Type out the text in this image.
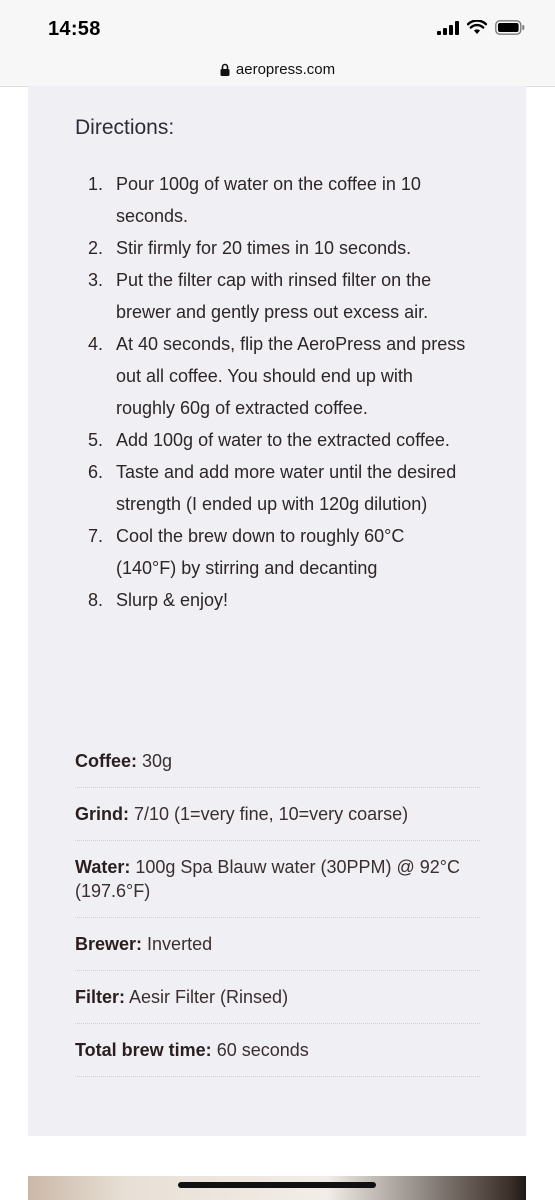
14:58
aeropress.com
Directions:
1. Pour 100g of water on the coffee in 10 seconds.
2. Stir firmly for 20 times in 10 seconds.
3. Put the filter cap with rinsed filter on the brewer and gently press out excess air.
4. At 40 seconds, flip the AeroPress and press out all coffee. You should end up with roughly 60g of extracted coffee.
5. Add 100g of water to the extracted coffee.
6. Taste and add more water until the desired strength (I ended up with 120g dilution)
7. Cool the brew down to roughly 60°C (140°F) by stirring and decanting
8. Slurp & enjoy!
Coffee: 30g
Grind: 7/10 (1=very fine, 10=very coarse)
Water: 100g Spa Blauw water (30PPM) @ 92°C (197.6°F)
Brewer: Inverted
Filter: Aesir Filter (Rinsed)
Total brew time: 60 seconds
